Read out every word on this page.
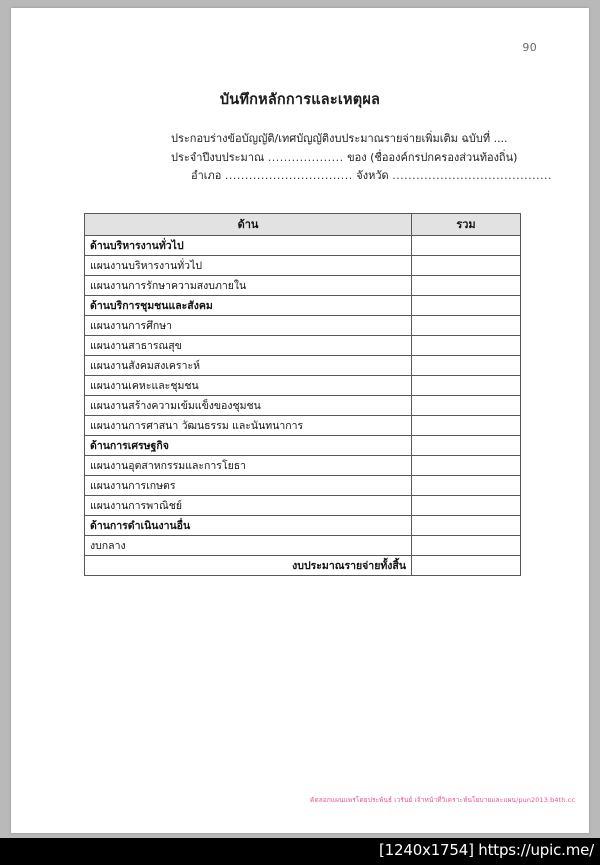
90
บันทึกหลักการและเหตุผล
ประกอบร่างข้อบัญญัติ/เทศบัญญัติงบประมาณรายจ่ายเพิ่มเติม ฉบับที่ ....
ประจำปีงบประมาณ ................... ของ (ชื่อองค์กรปกครองส่วนท้องถิ่น)
อำเภอ ................................ จังหวัด ........................................
ด้าน	รวม
ด้านบริหารงานทั่วไป	
แผนงานบริหารงานทั่วไป	
แผนงานการรักษาความสงบภายใน	
ด้านบริการชุมชนและสังคม	
แผนงานการศึกษา	
แผนงานสาธารณสุข	
แผนงานสังคมสงเคราะห์	
แผนงานเคหะและชุมชน	
แผนงานสร้างความเข้มแข็งของชุมชน	
แผนงานการศาสนา วัฒนธรรม และนันทนาการ	
ด้านการเศรษฐกิจ	
แผนงานอุตสาหกรรมและการโยธา	
แผนงานการเกษตร	
แผนงานการพาณิชย์	
ด้านการดำเนินงานอื่น	
งบกลาง	
งบประมาณรายจ่ายทั้งสิ้น	
คัดลอกแผนแพร่โดยประพันธ์ เวรันย์ เจ้าหน้าที่วิเคราะห์นโยบายและแผน/pun2013.b4th.cc
[1240x1754] https://upic.me/
